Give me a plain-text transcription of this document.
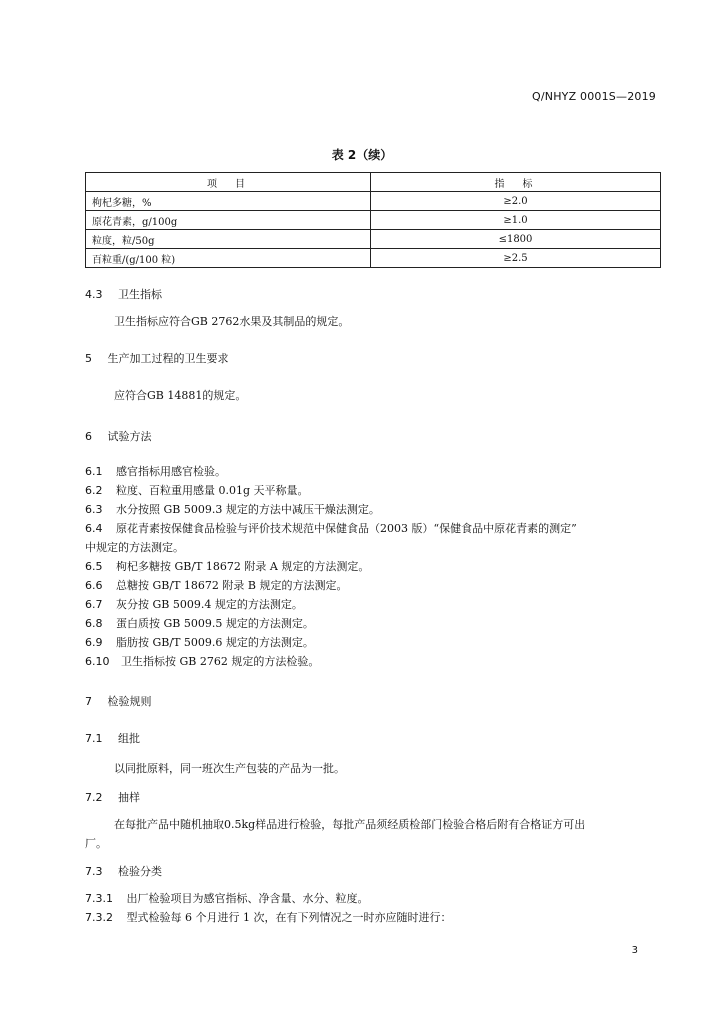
Q/NHYZ 0001S—2019
表 2（续）
项　目	指　标
枸杞多糖，%	≥2.0
原花青素，g/100g	≥1.0
粒度，粒/50g	≤1800
百粒重/(g/100 粒)	≥2.5
4.3 卫生指标
卫生指标应符合GB 2762水果及其制品的规定。
5 生产加工过程的卫生要求
应符合GB 14881的规定。
6 试验方法
6.1 感官指标用感官检验。
6.2 粒度、百粒重用感量 0.01g 天平称量。
6.3 水分按照 GB 5009.3 规定的方法中减压干燥法测定。
6.4 原花青素按保健食品检验与评价技术规范中保健食品（2003 版）“保健食品中原花青素的测定”
中规定的方法测定。
6.5 枸杞多糖按 GB/T 18672 附录 A 规定的方法测定。
6.6 总糖按 GB/T 18672 附录 B 规定的方法测定。
6.7 灰分按 GB 5009.4 规定的方法测定。
6.8 蛋白质按 GB 5009.5 规定的方法测定。
6.9 脂肪按 GB/T 5009.6 规定的方法测定。
6.10 卫生指标按 GB 2762 规定的方法检验。
7 检验规则
7.1 组批
以同批原料，同一班次生产包装的产品为一批。
7.2 抽样
在每批产品中随机抽取0.5kg样品进行检验，每批产品须经质检部门检验合格后附有合格证方可出
厂。
7.3 检验分类
7.3.1 出厂检验项目为感官指标、净含量、水分、粒度。
7.3.2 型式检验每 6 个月进行 1 次，在有下列情况之一时亦应随时进行：
3
